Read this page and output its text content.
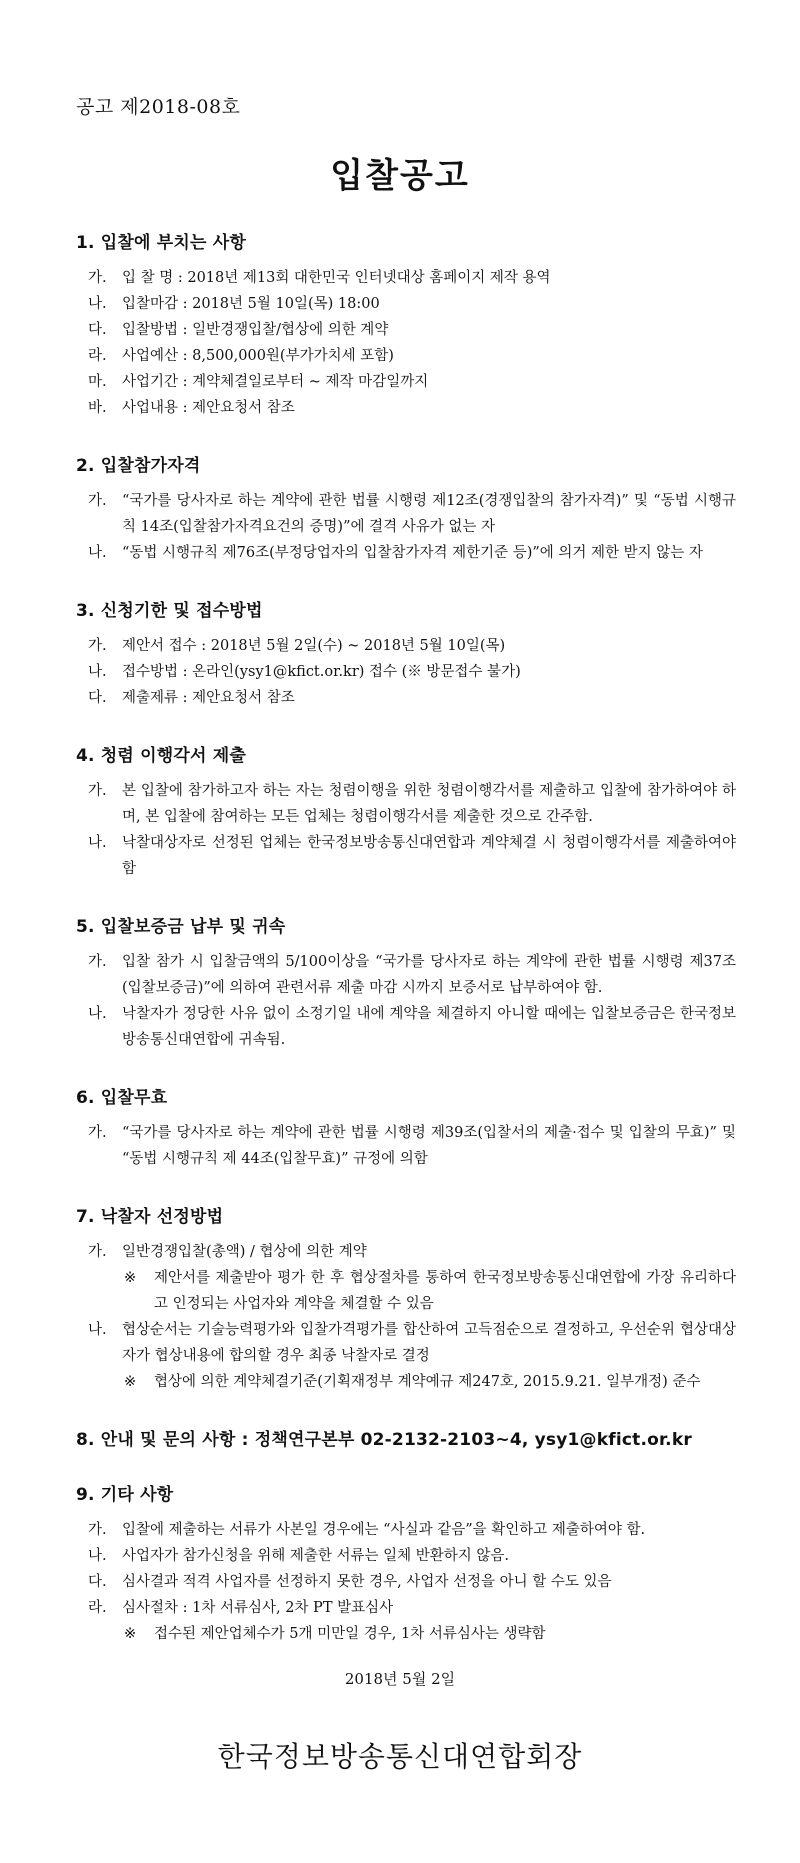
공고 제2018-08호
입찰공고
1. 입찰에 부치는 사항
가.	입 찰 명 : 2018년 제13회 대한민국 인터넷대상 홈페이지 제작 용역
나.	입찰마감 : 2018년 5월 10일(목) 18:00
다.	입찰방법 : 일반경쟁입찰/협상에 의한 계약
라.	사업예산 : 8,500,000원(부가가치세 포함)
마.	사업기간 : 계약체결일로부터 ~ 제작 마감일까지
바.	사업내용 : 제안요청서 참조
2. 입찰참가자격
가.	“국가를 당사자로 하는 계약에 관한 법률 시행령 제12조(경쟁입찰의 참가자격)” 및 “동법 시행규칙 14조(입찰참가자격요건의 증명)”에 결격 사유가 없는 자
나.	“동법 시행규칙 제76조(부정당업자의 입찰참가자격 제한기준 등)”에 의거 제한 받지 않는 자
3. 신청기한 및 접수방법
가.	제안서 접수 : 2018년 5월 2일(수) ~ 2018년 5월 10일(목)
나.	접수방법 : 온라인(ysy1@kfict.or.kr) 접수 (※ 방문접수 불가)
다.	제출제류 : 제안요청서 참조
4. 청렴 이행각서 제출
가.	본 입찰에 참가하고자 하는 자는 청렴이행을 위한 청렴이행각서를 제출하고 입찰에 참가하여야 하며, 본 입찰에 참여하는 모든 업체는 청렴이행각서를 제출한 것으로 간주함.
나.	낙찰대상자로 선정된 업체는 한국정보방송통신대연합과 계약체결 시 청렴이행각서를 제출하여야 함
5. 입찰보증금 납부 및 귀속
가.	입찰 참가 시 입찰금액의 5/100이상을 “국가를 당사자로 하는 계약에 관한 법률 시행령 제37조(입찰보증금)”에 의하여 관련서류 제출 마감 시까지 보증서로 납부하여야 함.
나.	낙찰자가 정당한 사유 없이 소정기일 내에 계약을 체결하지 아니할 때에는 입찰보증금은 한국정보방송통신대연합에 귀속됨.
6. 입찰무효
가.	“국가를 당사자로 하는 계약에 관한 법률 시행령 제39조(입찰서의 제출·접수 및 입찰의 무효)” 및 “동법 시행규칙 제 44조(입찰무효)” 규정에 의함
7. 낙찰자 선정방법
가.	일반경쟁입찰(총액) / 협상에 의한 계약
※	제안서를 제출받아 평가 한 후 협상절차를 통하여 한국정보방송통신대연합에 가장 유리하다고 인정되는 사업자와 계약을 체결할 수 있음
나.	협상순서는 기술능력평가와 입찰가격평가를 합산하여 고득점순으로 결정하고, 우선순위 협상대상자가 협상내용에 합의할 경우 최종 낙찰자로 결정
※	협상에 의한 계약체결기준(기획재정부 계약예규 제247호, 2015.9.21. 일부개정) 준수
8. 안내 및 문의 사항 : 정책연구본부 02-2132-2103~4, ysy1@kfict.or.kr
9. 기타 사항
가.	입찰에 제출하는 서류가 사본일 경우에는 “사실과 같음”을 확인하고 제출하여야 함.
나.	사업자가 참가신청을 위해 제출한 서류는 일체 반환하지 않음.
다.	심사결과 적격 사업자를 선정하지 못한 경우, 사업자 선정을 아니 할 수도 있음
라.	심사절차 : 1차 서류심사, 2차 PT 발표심사
※	접수된 제안업체수가 5개 미만일 경우, 1차 서류심사는 생략함
2018년 5월 2일
한국정보방송통신대연합회장
